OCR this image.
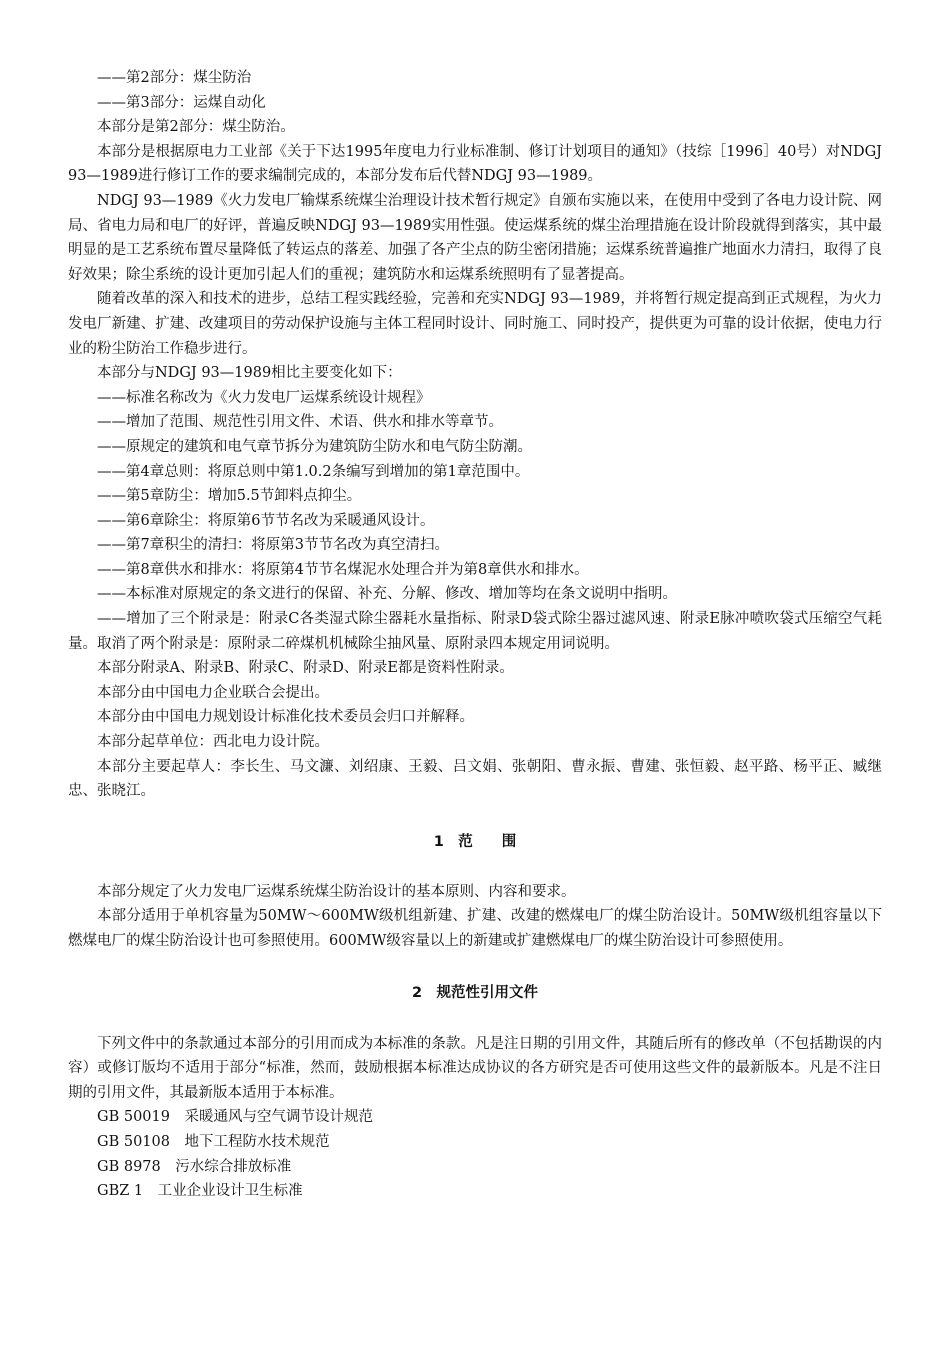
——第2部分：煤尘防治

——第3部分：运煤自动化

本部分是第2部分：煤尘防治。

本部分是根据原电力工业部《关于下达1995年度电力行业标准制、修订计划项目的通知》（技综［1996］40号）对NDGJ 93—1989进行修订工作的要求编制完成的，本部分发布后代替NDGJ 93—1989。

NDGJ 93—1989《火力发电厂输煤系统煤尘治理设计技术暂行规定》自颁布实施以来，在使用中受到了各电力设计院、网局、省电力局和电厂的好评，普遍反映NDGJ 93—1989实用性强。使运煤系统的煤尘治理措施在设计阶段就得到落实，其中最明显的是工艺系统布置尽量降低了转运点的落差、加强了各产尘点的防尘密闭措施；运煤系统普遍推广地面水力清扫，取得了良好效果；除尘系统的设计更加引起人们的重视；建筑防水和运煤系统照明有了显著提高。

随着改革的深入和技术的进步，总结工程实践经验，完善和充实NDGJ 93—1989，并将暂行规定提高到正式规程，为火力发电厂新建、扩建、改建项目的劳动保护设施与主体工程同时设计、同时施工、同时投产，提供更为可靠的设计依据，使电力行业的粉尘防治工作稳步进行。

本部分与NDGJ 93—1989相比主要变化如下：

——标准名称改为《火力发电厂运煤系统设计规程》

——增加了范围、规范性引用文件、术语、供水和排水等章节。

——原规定的建筑和电气章节拆分为建筑防尘防水和电气防尘防潮。

——第4章总则：将原总则中第1.0.2条编写到增加的第1章范围中。

——第5章防尘：增加5.5节卸料点抑尘。

——第6章除尘：将原第6节节名改为采暖通风设计。

——第7章积尘的清扫：将原第3节节名改为真空清扫。

——第8章供水和排水：将原第4节节名煤泥水处理合并为第8章供水和排水。

——本标准对原规定的条文进行的保留、补充、分解、修改、增加等均在条文说明中指明。

——增加了三个附录是：附录C各类湿式除尘器耗水量指标、附录D袋式除尘器过滤风速、附录E脉冲喷吹袋式压缩空气耗量。取消了两个附录是：原附录二碎煤机机械除尘抽风量、原附录四本规定用词说明。

本部分附录A、附录B、附录C、附录D、附录E都是资料性附录。

本部分由中国电力企业联合会提出。

本部分由中国电力规划设计标准化技术委员会归口并解释。

本部分起草单位：西北电力设计院。

本部分主要起草人：李长生、马文濂、刘绍康、王毅、吕文娟、张朝阳、曹永振、曹建、张恒毅、赵平路、杨平正、臧继忠、张晓江。

1　范　　围

本部分规定了火力发电厂运煤系统煤尘防治设计的基本原则、内容和要求。

本部分适用于单机容量为50MW～600MW级机组新建、扩建、改建的燃煤电厂的煤尘防治设计。50MW级机组容量以下燃煤电厂的煤尘防治设计也可参照使用。600MW级容量以上的新建或扩建燃煤电厂的煤尘防治设计可参照使用。

2　规范性引用文件

下列文件中的条款通过本部分的引用而成为本标准的条款。凡是注日期的引用文件，其随后所有的修改单（不包括勘误的内容）或修订版均不适用于部分“标准，然而，鼓励根据本标准达成协议的各方研究是否可使用这些文件的最新版本。凡是不注日期的引用文件，其最新版本适用于本标准。

GB 50019 采暖通风与空气调节设计规范
GB 50108 地下工程防水技术规范
GB 8978 污水综合排放标准
GBZ 1 工业企业设计卫生标准
